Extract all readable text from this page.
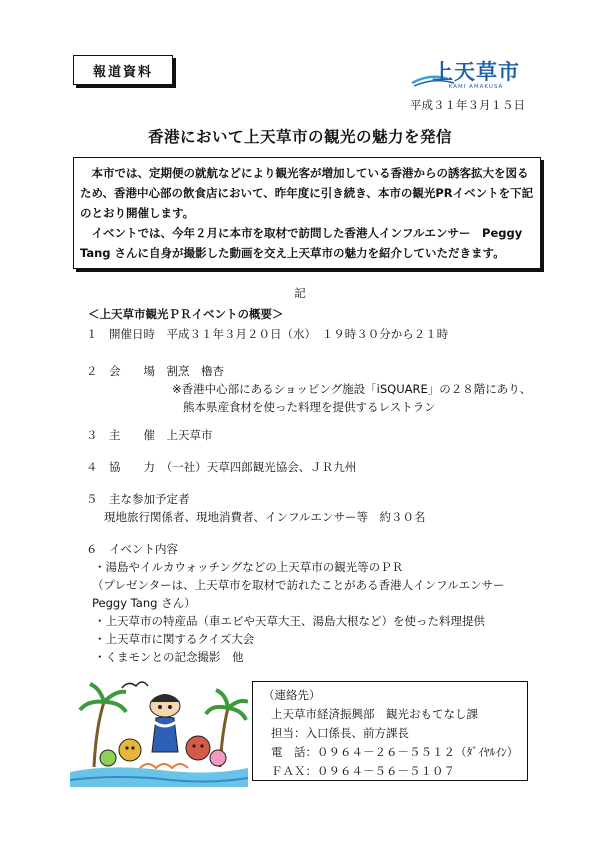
報道資料	上天草市
KAMI AMAKUSA
平成３１年３月１５日
香港において上天草市の観光の魅力を発信

本市では、定期便の就航などにより観光客が増加している香港からの誘客拡大を図るため、香港中心部の飲食店において、昨年度に引き続き、本市の観光PRイベントを下記のとおり開催します。

イベントでは、今年２月に本市を取材で訪問した香港人インフルエンサー　Peggy Tang さんに自身が撮影した動画を交え上天草市の魅力を紹介していただきます。

記
＜上天草市観光ＰＲイベントの概要＞
１　開催日時　平成３１年３月２０日（水）　１９時３０分から２１時
２　会　　場　割烹　櫓杏
※香港中心部にあるショッピング施設「iSQUARE」の２８階にあり、
熊本県産食材を使った料理を提供するレストラン
３　主　　催　上天草市
４　協　　力　（一社）天草四郎観光協会、ＪＲ九州
５　主な参加予定者
現地旅行関係者、現地消費者、インフルエンサー等　約３０名
６　イベント内容
・湯島やイルカウォッチングなどの上天草市の観光等のＰＲ
（プレゼンターは、上天草市を取材で訪れたことがある香港人インフルエンサー
Peggy Tang さん）
・上天草市の特産品（車エビや天草大王、湯島大根など）を使った料理提供
・上天草市に関するクイズ大会
・くまモンとの記念撮影　他
（連絡先）
上天草市経済振興部　観光おもてなし課
担当：入口係長、前方課長
電　話：０９６４－２６－５５１２（ﾀﾞｲﾔﾙｲﾝ）
ＦＡＸ：０９６４－５６－５１０７
